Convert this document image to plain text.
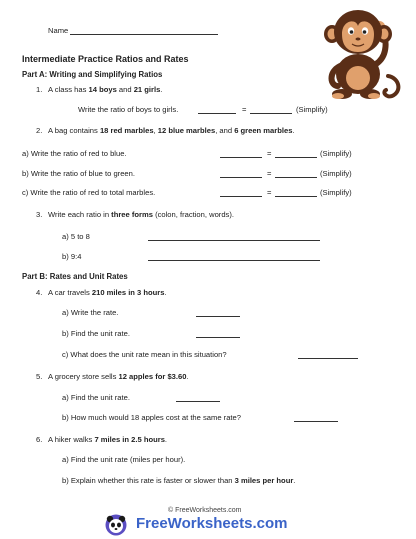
Name
Intermediate Practice Ratios and Rates
Part A: Writing and Simplifying Ratios
1. A class has 14 boys and 21 girls.
Write the ratio of boys to girls.	=	(Simplify)
2. A bag contains 18 red marbles, 12 blue marbles, and 6 green marbles.
a) Write the ratio of red to blue.	=	(Simplify)
b) Write the ratio of blue to green.	=	(Simplify)
c) Write the ratio of red to total marbles.	=	(Simplify)
3. Write each ratio in three forms (colon, fraction, words).
a) 5 to 8
b) 9:4
Part B: Rates and Unit Rates
4. A car travels 210 miles in 3 hours.
a) Write the rate.
b) Find the unit rate.
c) What does the unit rate mean in this situation?
5. A grocery store sells 12 apples for $3.60.
a) Find the unit rate.
b) How much would 18 apples cost at the same rate?
6. A hiker walks 7 miles in 2.5 hours.
a) Find the unit rate (miles per hour).
b) Explain whether this rate is faster or slower than 3 miles per hour.
© FreeWorksheets.com
FreeWorksheets.com
